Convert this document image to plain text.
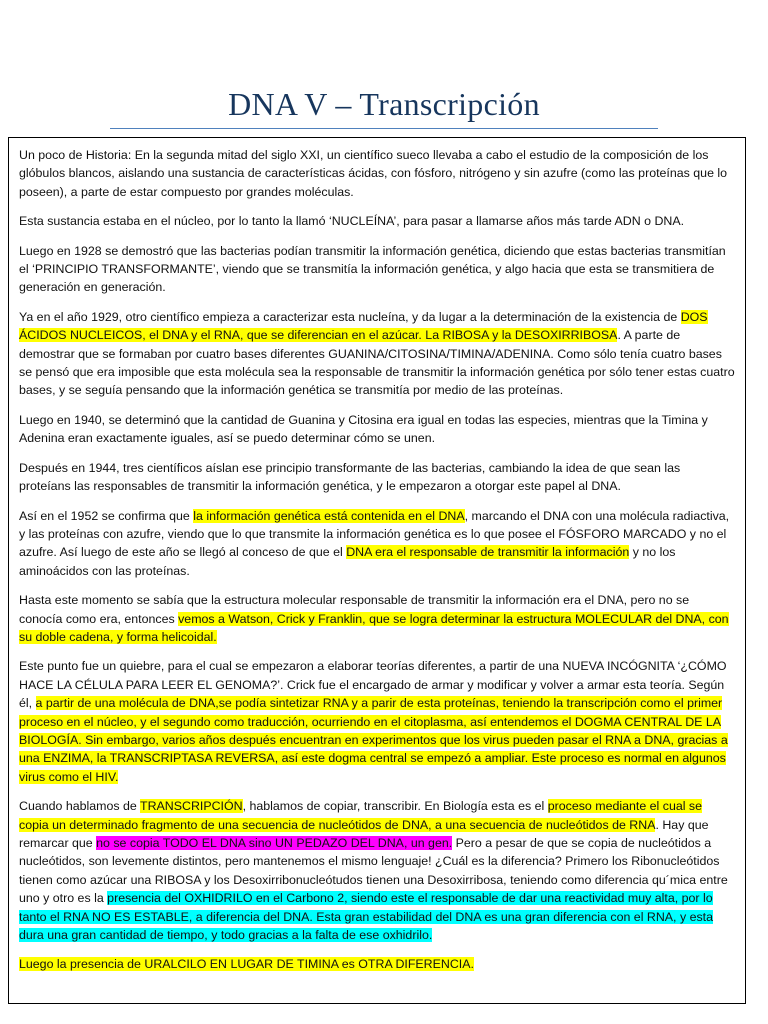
DNA V – Transcripción

Un poco de Historia: En la segunda mitad del siglo XXI, un científico sueco llevaba a cabo el estudio de la composición de los glóbulos blancos, aislando una sustancia de características ácidas, con fósforo, nitrógeno y sin azufre (como las proteínas que lo poseen), a parte de estar compuesto por grandes moléculas.

Esta sustancia estaba en el núcleo, por lo tanto la llamó ‘NUCLEÍNA’, para pasar a llamarse años más tarde ADN o DNA.

Luego en 1928 se demostró que las bacterias podían transmitir la información genética, diciendo que estas bacterias transmitían el ‘PRINCIPIO TRANSFORMANTE’, viendo que se transmitía la información genética, y algo hacia que esta se transmitiera de generación en generación.

Ya en el año 1929, otro científico empieza a caracterizar esta nucleína, y da lugar a la determinación de la existencia de DOS ÁCIDOS NUCLEICOS, el DNA y el RNA, que se diferencian en el azúcar. La RIBOSA y la DESOXIRRIBOSA. A parte de demostrar que se formaban por cuatro bases diferentes GUANINA/CITOSINA/TIMINA/ADENINA. Como sólo tenía cuatro bases se pensó que era imposible que esta molécula sea la responsable de transmitir la información genética por sólo tener estas cuatro bases, y se seguía pensando que la información genética se transmitía por medio de las proteínas.

Luego en 1940, se determinó que la cantidad de Guanina y Citosina era igual en todas las especies, mientras que la Timina y Adenina eran exactamente iguales, así se puedo determinar cómo se unen.

Después en 1944, tres científicos aíslan ese principio transformante de las bacterias, cambiando la idea de que sean las proteíans las responsables de transmitir la información genética, y le empezaron a otorgar este papel al DNA.

Así en el 1952 se confirma que la información genética está contenida en el DNA, marcando el DNA con una molécula radiactiva, y las proteínas con azufre, viendo que lo que transmite la información genética es lo que posee el FÓSFORO MARCADO y no el azufre. Así luego de este año se llegó al conceso de que el DNA era el responsable de transmitir la información y no los aminoácidos con las proteínas.

Hasta este momento se sabía que la estructura molecular responsable de transmitir la información era el DNA, pero no se conocía como era, entonces vemos a Watson, Crick y Franklin, que se logra determinar la estructura MOLECULAR del DNA, con su doble cadena, y forma helicoidal.

Este punto fue un quiebre, para el cual se empezaron a elaborar teorías diferentes, a partir de una NUEVA INCÓGNITA ‘¿CÓMO HACE LA CÉLULA PARA LEER EL GENOMA?’. Crick fue el encargado de armar y modificar y volver a armar esta teoría. Según él, a partir de una molécula de DNA,se podía sintetizar RNA y a parir de esta proteínas, teniendo la transcripción como el primer proceso en el núcleo, y el segundo como traducción, ocurriendo en el citoplasma, así entendemos el DOGMA CENTRAL DE LA BIOLOGÍA. Sin embargo, varios años después encuentran en experimentos que los virus pueden pasar el RNA a DNA, gracias a una ENZIMA, la TRANSCRIPTASA REVERSA, así este dogma central se empezó a ampliar. Este proceso es normal en algunos virus como el HIV.

Cuando hablamos de TRANSCRIPCIÓN, hablamos de copiar, transcribir. En Biología esta es el proceso mediante el cual se copia un determinado fragmento de una secuencia de nucleótidos de DNA, a una secuencia de nucleótidos de RNA. Hay que remarcar que no se copia TODO EL DNA sino UN PEDAZO DEL DNA, un gen. Pero a pesar de que se copia de nucleótidos a nucleótidos, son levemente distintos, pero mantenemos el mismo lenguaje! ¿Cuál es la diferencia? Primero los Ribonucleótidos tienen como azúcar una RIBOSA y los Desoxirribonucleótudos tienen una Desoxirribosa, teniendo como diferencia qu´mica entre uno y otro es la presencia del OXHIDRILO en el Carbono 2, siendo este el responsable de dar una reactividad muy alta, por lo tanto el RNA NO ES ESTABLE, a diferencia del DNA. Esta gran estabilidad del DNA es una gran diferencia con el RNA, y esta dura una gran cantidad de tiempo, y todo gracias a la falta de ese oxhidrilo.

Luego la presencia de URALCILO EN LUGAR DE TIMINA es OTRA DIFERENCIA.
